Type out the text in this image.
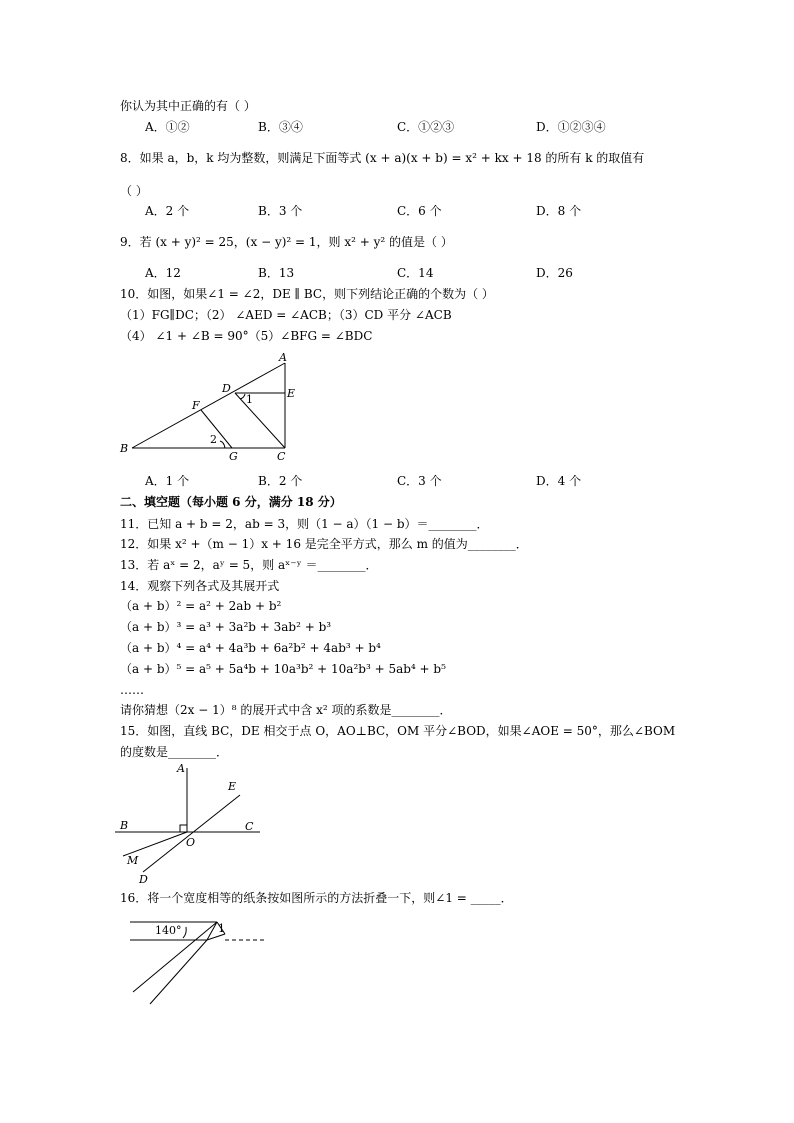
你认为其中正确的有（ ）
A．①②	B．③④	C．①②③	D．①②③④
8．如果 a，b，k 均为整数，则满足下面等式 (x + a)(x + b) = x² + kx + 18 的所有 k 的取值有
（ ）
A．2 个	B．3 个	C．6 个	D．8 个
9．若 (x + y)² = 25，(x − y)² = 1，则 x² + y² 的值是（ ）
A．12	B．13	C．14	D．26
10．如图，如果∠1 = ∠2，DE ∥ BC，则下列结论正确的个数为（ ）
（1）FG∥DC；（2） ∠AED = ∠ACB；（3）CD 平分 ∠ACB
（4） ∠1 + ∠B = 90°（5）∠BFG = ∠BDC
A
D	E
F	1
2
B
G	C
A．1 个	B．2 个	C．3 个	D．4 个
二、填空题（每小题 6 分，满分 18 分）
11．已知 a + b = 2，ab = 3，则（1 − a）（1 − b）＝________．
12．如果 x² +（m − 1）x + 16 是完全平方式，那么 m 的值为________．
13．若 aˣ = 2，aʸ = 5，则 aˣ⁻ʸ ＝________．
14．观察下列各式及其展开式
（a + b）² = a² + 2ab + b²
（a + b）³ = a³ + 3a²b + 3ab² + b³
（a + b）⁴ = a⁴ + 4a³b + 6a²b² + 4ab³ + b⁴
（a + b）⁵ = a⁵ + 5a⁴b + 10a³b² + 10a²b³ + 5ab⁴ + b⁵
……
请你猜想（2x − 1）⁸ 的展开式中含 x² 项的系数是________．
15．如图，直线 BC，DE 相交于点 O，AO⊥BC，OM 平分∠BOD，如果∠AOE = 50°，那么∠BOM
的度数是________．
A
E
B	C
O
M
D
16．将一个宽度相等的纸条按如图所示的方法折叠一下，则∠1 = _____．
140°	1
